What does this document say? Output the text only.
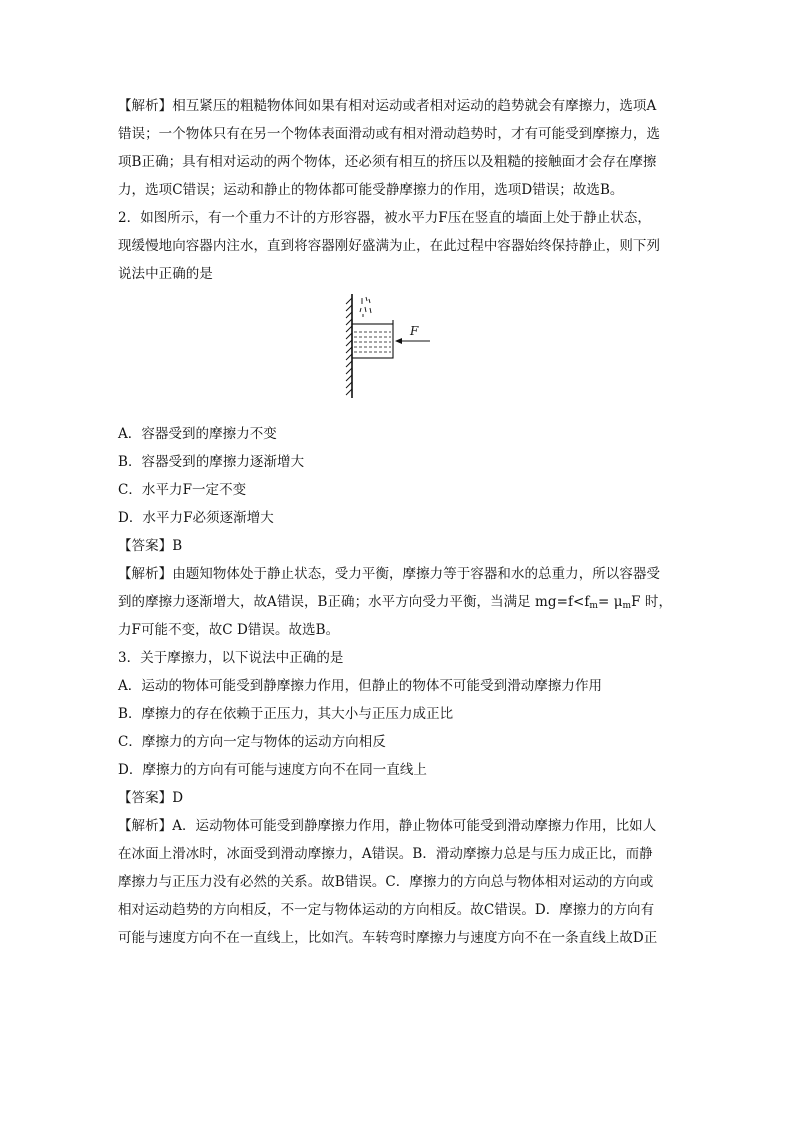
【解析】相互紧压的粗糙物体间如果有相对运动或者相对运动的趋势就会有摩擦力，选项A
错误；一个物体只有在另一个物体表面滑动或有相对滑动趋势时，才有可能受到摩擦力，选
项B正确；具有相对运动的两个物体，还必须有相互的挤压以及粗糙的接触面才会存在摩擦
力，选项C错误；运动和静止的物体都可能受静摩擦力的作用，选项D错误；故选B。
2．如图所示，有一个重力不计的方形容器，被水平力F压在竖直的墙面上处于静止状态，
现缓慢地向容器内注水，直到将容器刚好盛满为止，在此过程中容器始终保持静止，则下列
说法中正确的是
F
A．容器受到的摩擦力不变
B．容器受到的摩擦力逐渐增大
C．水平力F一定不变
D．水平力F必须逐渐增大
【答案】B
【解析】由题知物体处于静止状态，受力平衡，摩擦力等于容器和水的总重力，所以容器受
到的摩擦力逐渐增大，故A错误，B正确；水平方向受力平衡，当满足 $mg=f<f_m= \mu_mF$ 时，
力F可能不变，故C D错误。故选B。
3．关于摩擦力，以下说法中正确的是
A．运动的物体可能受到静摩擦力作用，但静止的物体不可能受到滑动摩擦力作用
B．摩擦力的存在依赖于正压力，其大小与正压力成正比
C．摩擦力的方向一定与物体的运动方向相反
D．摩擦力的方向有可能与速度方向不在同一直线上
【答案】D
【解析】A．运动物体可能受到静摩擦力作用，静止物体可能受到滑动摩擦力作用，比如人
在冰面上滑冰时，冰面受到滑动摩擦力，A错误。B．滑动摩擦力总是与压力成正比，而静
摩擦力与正压力没有必然的关系。故B错误。C．摩擦力的方向总与物体相对运动的方向或
相对运动趋势的方向相反，不一定与物体运动的方向相反。故C错误。D．摩擦力的方向有
可能与速度方向不在一直线上，比如汽。车转弯时摩擦力与速度方向不在一条直线上故D正
